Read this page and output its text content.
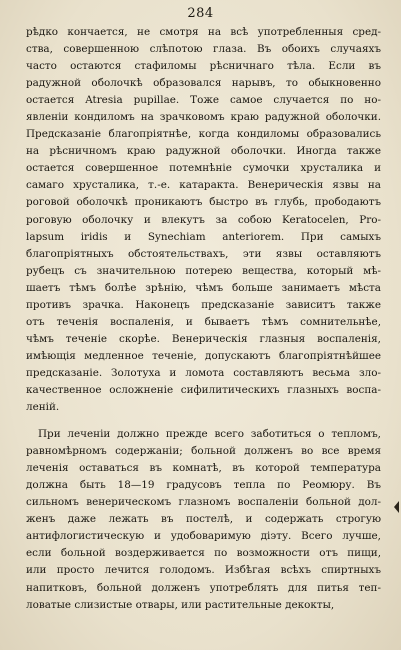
284
рѣдко кончается, не смотря на всѣ употребленныя сред-
ства, совершенною слѣпотою глаза. Въ обоихъ случаяхъ
часто остаются стафиломы рѣсничнаго тѣла. Если въ
радужной оболочкѣ образовался нарывъ, то обыкновенно
остается Atresia pupillae. Тоже самое случается по но-
явленіи кондиломъ на зрачковомъ краю радужной оболочки.
Предсказаніе благопріятнѣе, когда кондиломы образовались
на рѣсничномъ краю радужной оболочки. Иногда также
остается совершенное потемнѣніе сумочки хрусталика и
самаго хрусталика, т.-е. катаракта. Венерическія язвы на
роговой оболочкѣ проникаютъ быстро въ глубь, прободаютъ
роговую оболочку и влекутъ за собою Keratocelen, Pro-
lapsum iridis и Synechiam anteriorem. При самыхъ
благопріятныхъ обстоятельствахъ, эти язвы оставляютъ
рубецъ съ значительною потерею вещества, который мѣ-
шаетъ тѣмъ болѣе зрѣнію, чѣмъ больше занимаетъ мѣста
противъ зрачка. Наконецъ предсказаніе зависитъ также
отъ теченія воспаленія, и бываетъ тѣмъ сомнительнѣе,
чѣмъ теченіе скорѣе. Венерическія глазныя воспаленія,
имѣющія медленное теченіе, допускаютъ благопріятнѣйшее
предсказаніе. Золотуха и ломота составляютъ весьма зло-
качественное осложненіе сифилитическихъ глазныхъ воспа-
леній.
При леченіи должно прежде всего заботиться о тепломъ,
равномѣрномъ содержаніи; больной долженъ во все время
леченія оставаться въ комнатѣ, въ которой температура
должна быть 18—19 градусовъ тепла по Реомюру. Въ
сильномъ венерическомъ глазномъ воспаленіи больной дол-
женъ даже лежать въ постелѣ, и содержать строгую
антифлогистическую и удобоваримую діэту. Всего лучше,
если больной воздерживается по возможности отъ пищи,
или просто лечится голодомъ. Избѣгая всѣхъ спиртныхъ
напитковъ, больной долженъ употреблять для питья теп-
ловатые слизистые отвары, или растительные декокты,
